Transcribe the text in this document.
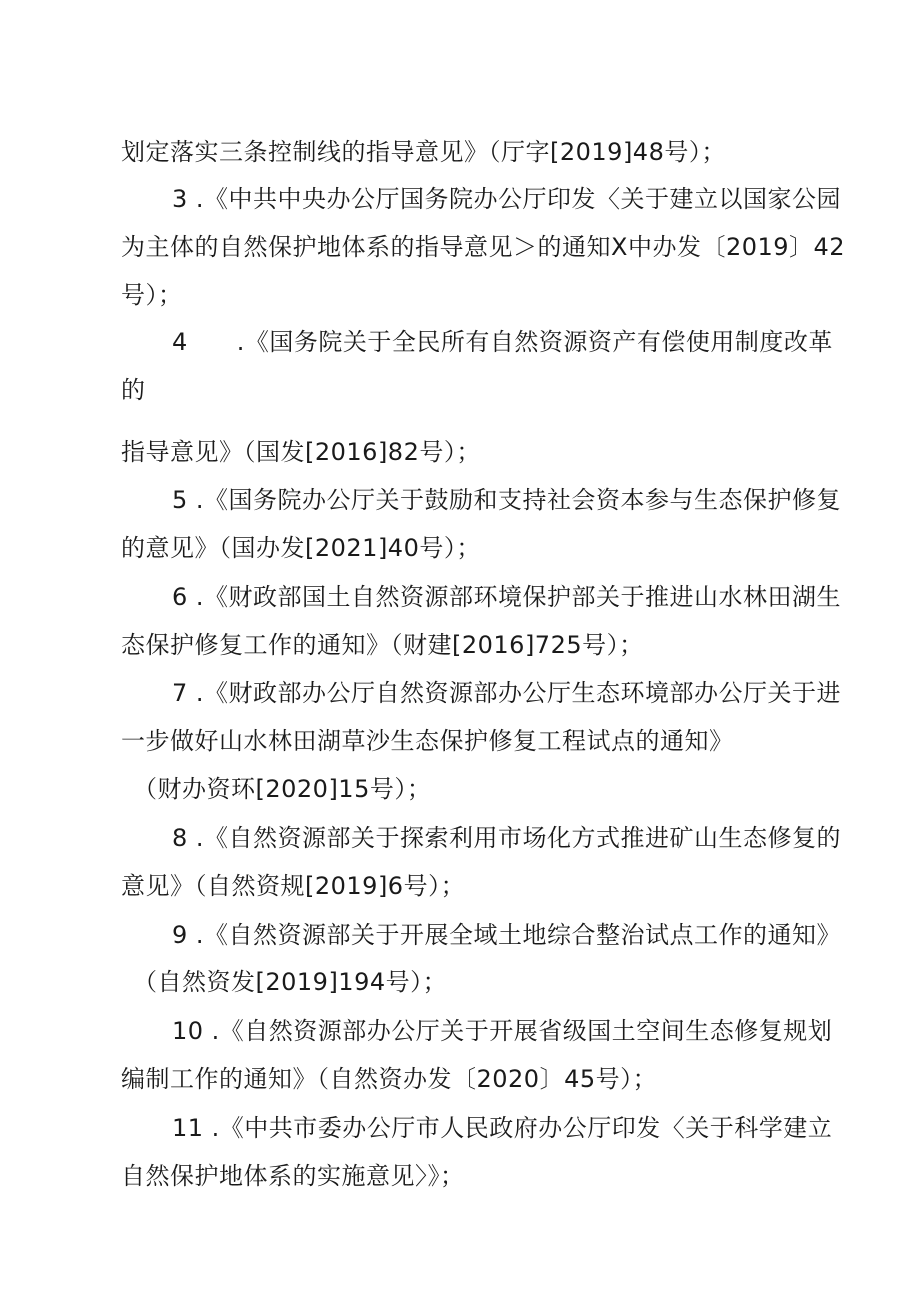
划定落实三条控制线的指导意见》（厅字[2019]48号）；
3 .《中共中央办公厅国务院办公厅印发〈关于建立以国家公园
为主体的自然保护地体系的指导意见＞的通知X中办发〔2019〕42
号）；
4　　.《国务院关于全民所有自然资源资产有偿使用制度改革
的
指导意见》（国发[2016]82号）；
5 .《国务院办公厅关于鼓励和支持社会资本参与生态保护修复
的意见》（国办发[2021]40号）；
6 .《财政部国土自然资源部环境保护部关于推进山水林田湖生
态保护修复工作的通知》（财建[2016]725号）；
7 .《财政部办公厅自然资源部办公厅生态环境部办公厅关于进
一步做好山水林田湖草沙生态保护修复工程试点的通知》
（财办资环[2020]15号）；
8 .《自然资源部关于探索利用市场化方式推进矿山生态修复的
意见》（自然资规[2019]6号）；
9 .《自然资源部关于开展全域土地综合整治试点工作的通知》
（自然资发[2019]194号）；
10 .《自然资源部办公厅关于开展省级国土空间生态修复规划
编制工作的通知》（自然资办发〔2020〕45号）；
11 .《中共市委办公厅市人民政府办公厅印发〈关于科学建立
自然保护地体系的实施意见〉》；
